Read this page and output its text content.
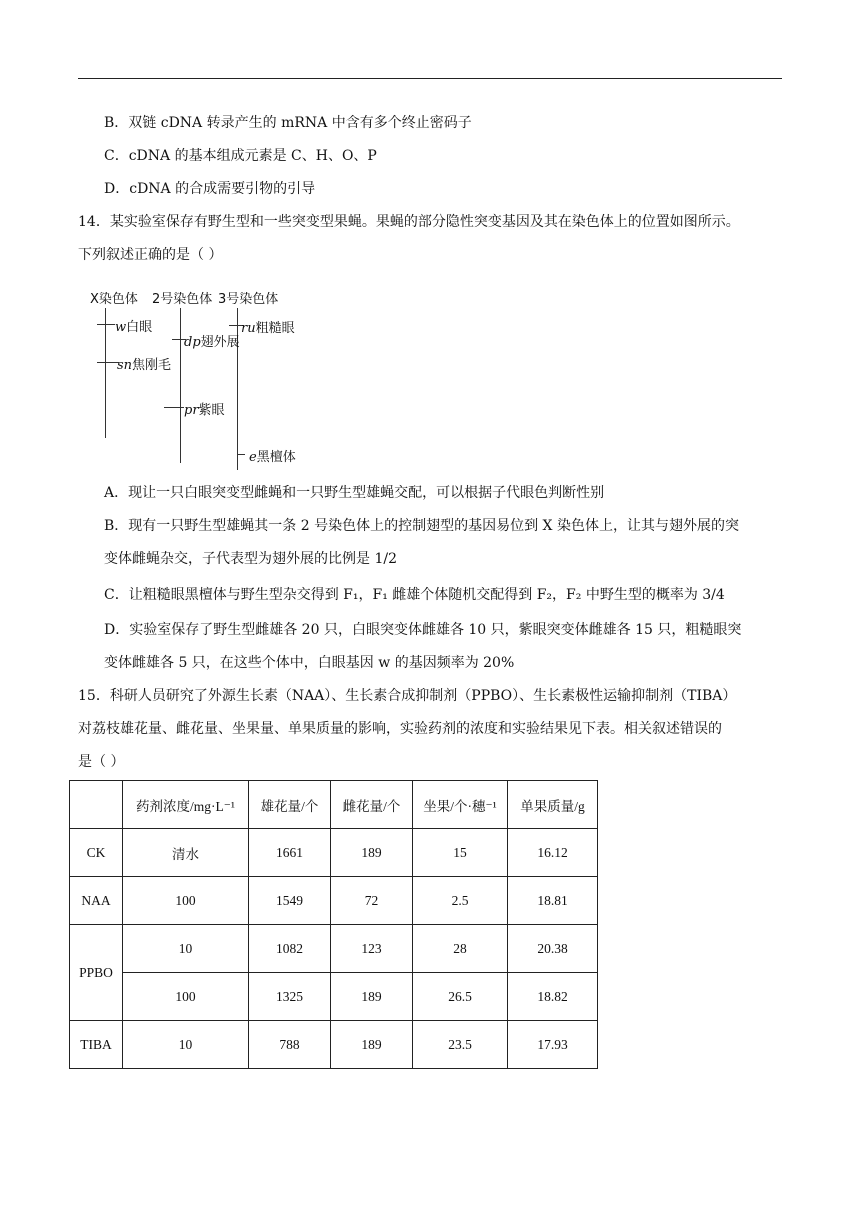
B．双链 cDNA 转录产生的 mRNA 中含有多个终止密码子
C．cDNA 的基本组成元素是 C、H、O、P
D．cDNA 的合成需要引物的引导
14．某实验室保存有野生型和一些突变型果蝇。果蝇的部分隐性突变基因及其在染色体上的位置如图所示。
下列叙述正确的是（ ）
X染色体 2号染色体 3号染色体
w白眼
sn焦刚毛
dp翅外展
pr紫眼
ru粗糙眼
e黑檀体
A．现让一只白眼突变型雌蝇和一只野生型雄蝇交配，可以根据子代眼色判断性别
B．现有一只野生型雄蝇其一条 2 号染色体上的控制翅型的基因易位到 X 染色体上，让其与翅外展的突
变体雌蝇杂交，子代表型为翅外展的比例是 1/2
C．让粗糙眼黑檀体与野生型杂交得到 F₁，F₁ 雌雄个体随机交配得到 F₂，F₂ 中野生型的概率为 3/4
D．实验室保存了野生型雌雄各 20 只，白眼突变体雌雄各 10 只，紫眼突变体雌雄各 15 只，粗糙眼突
变体雌雄各 5 只，在这些个体中，白眼基因 w 的基因频率为 20%
15．科研人员研究了外源生长素（NAA）、生长素合成抑制剂（PPBO）、生长素极性运输抑制剂（TIBA）
对荔枝雄花量、雌花量、坐果量、单果质量的影响，实验药剂的浓度和实验结果见下表。相关叙述错误的
是（ ）
	药剂浓度/mg·L⁻¹	雄花量/个	雌花量/个	坐果/个·穗⁻¹	单果质量/g
CK	清水	1661	189	15	16.12
NAA	100	1549	72	2.5	18.81
PPBO	10	1082	123	28	20.38
	100	1325	189	26.5	18.82
TIBA	10	788	189	23.5	17.93
